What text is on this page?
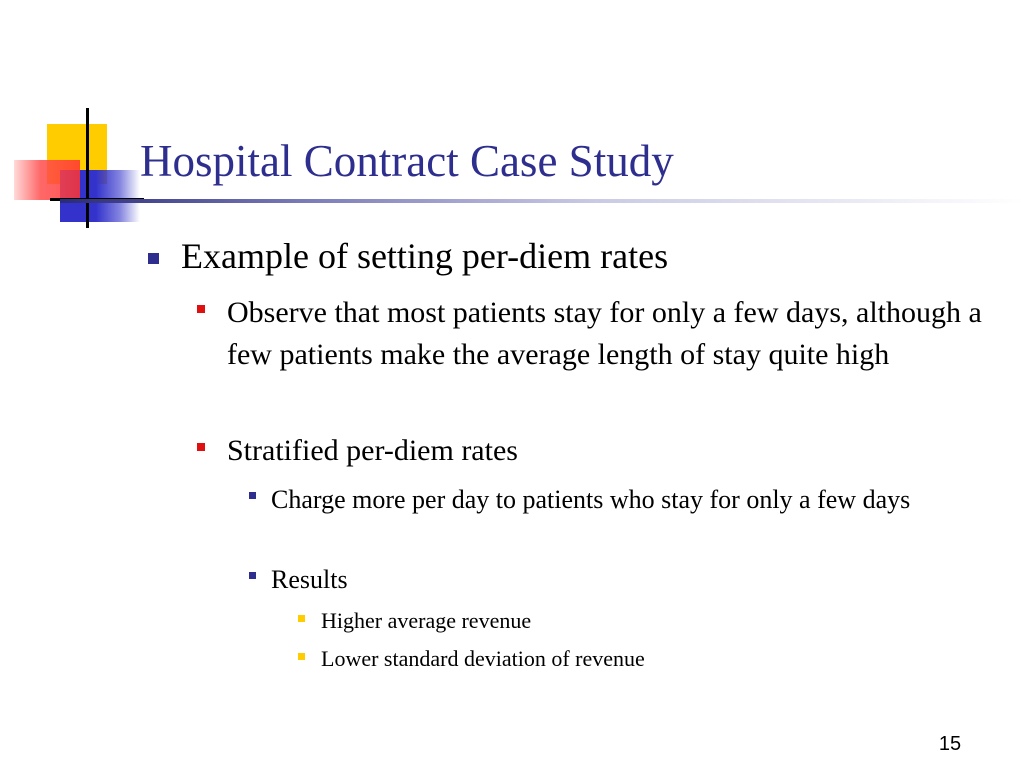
Hospital Contract Case Study
Example of setting per-diem rates
Observe that most patients stay for only a few days, although a few patients make the average length of stay quite high
Stratified per-diem rates
Charge more per day to patients who stay for only a few days
Results
Higher average revenue
Lower standard deviation of revenue
15
